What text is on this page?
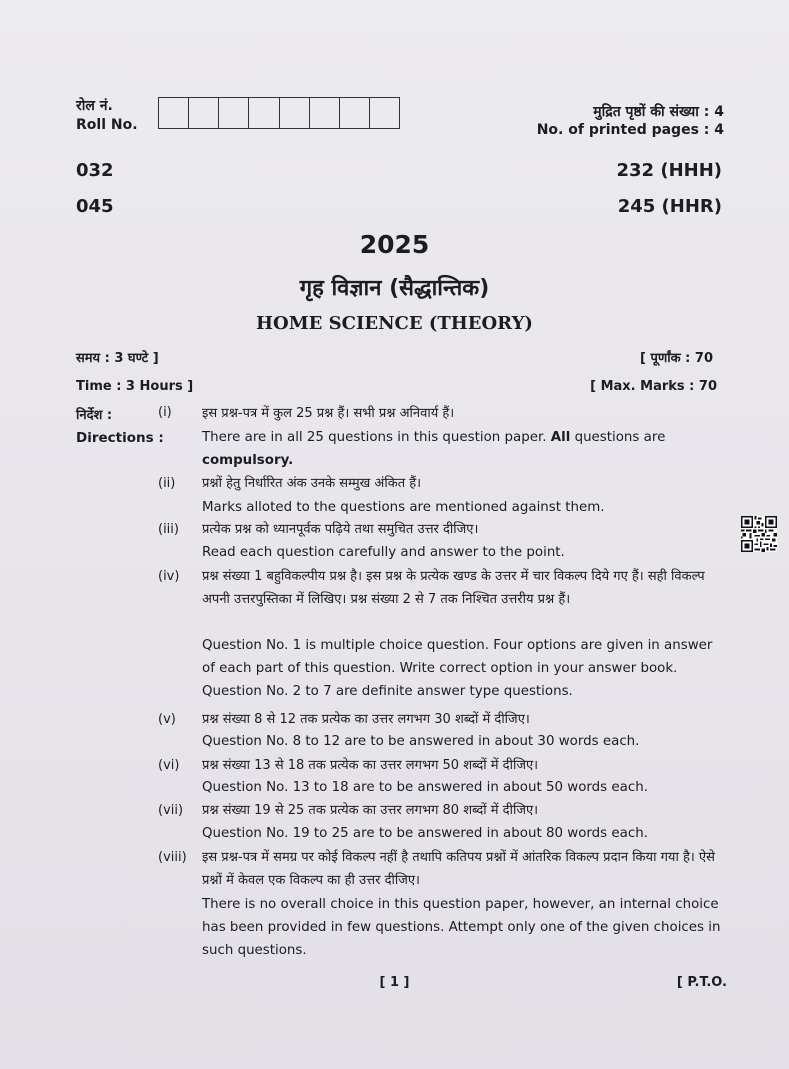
रोल नं.
Roll No.
मुद्रित पृष्ठों की संख्या : 4
No. of printed pages : 4
032
045
232 (HHH)
245 (HHR)
2025
गृह विज्ञान (सैद्धान्तिक)
HOME SCIENCE (THEORY)
समय : 3 घण्टे ]	[ पूर्णांक : 70
Time : 3 Hours ]	[ Max. Marks : 70
निर्देश :
Directions :
(i)	इस प्रश्न-पत्र में कुल 25 प्रश्न हैं। सभी प्रश्न अनिवार्य हैं।
There are in all 25 questions in this question paper. All questions are compulsory.
(ii)	प्रश्नों हेतु निर्धारित अंक उनके सम्मुख अंकित हैं।
Marks alloted to the questions are mentioned against them.
(iii)	प्रत्येक प्रश्न को ध्यानपूर्वक पढ़िये तथा समुचित उत्तर दीजिए।
Read each question carefully and answer to the point.
(iv)	प्रश्न संख्या 1 बहुविकल्पीय प्रश्न है। इस प्रश्न के प्रत्येक खण्ड के उत्तर में चार विकल्प दिये गए हैं। सही विकल्प अपनी उत्तरपुस्तिका में लिखिए। प्रश्न संख्या 2 से 7 तक निश्चित उत्तरीय प्रश्न हैं।
Question No. 1 is multiple choice question. Four options are given in answer of each part of this question. Write correct option in your answer book. Question No. 2 to 7 are definite answer type questions.
(v)	प्रश्न संख्या 8 से 12 तक प्रत्येक का उत्तर लगभग 30 शब्दों में दीजिए।
Question No. 8 to 12 are to be answered in about 30 words each.
(vi)	प्रश्न संख्या 13 से 18 तक प्रत्येक का उत्तर लगभग 50 शब्दों में दीजिए।
Question No. 13 to 18 are to be answered in about 50 words each.
(vii)	प्रश्न संख्या 19 से 25 तक प्रत्येक का उत्तर लगभग 80 शब्दों में दीजिए।
Question No. 19 to 25 are to be answered in about 80 words each.
(viii)	इस प्रश्न-पत्र में समग्र पर कोई विकल्प नहीं है तथापि कतिपय प्रश्नों में आंतरिक विकल्प प्रदान किया गया है। ऐसे प्रश्नों में केवल एक विकल्प का ही उत्तर दीजिए।
There is no overall choice in this question paper, however, an internal choice has been provided in few questions. Attempt only one of the given choices in such questions.
[ 1 ]	[ P.T.O.
